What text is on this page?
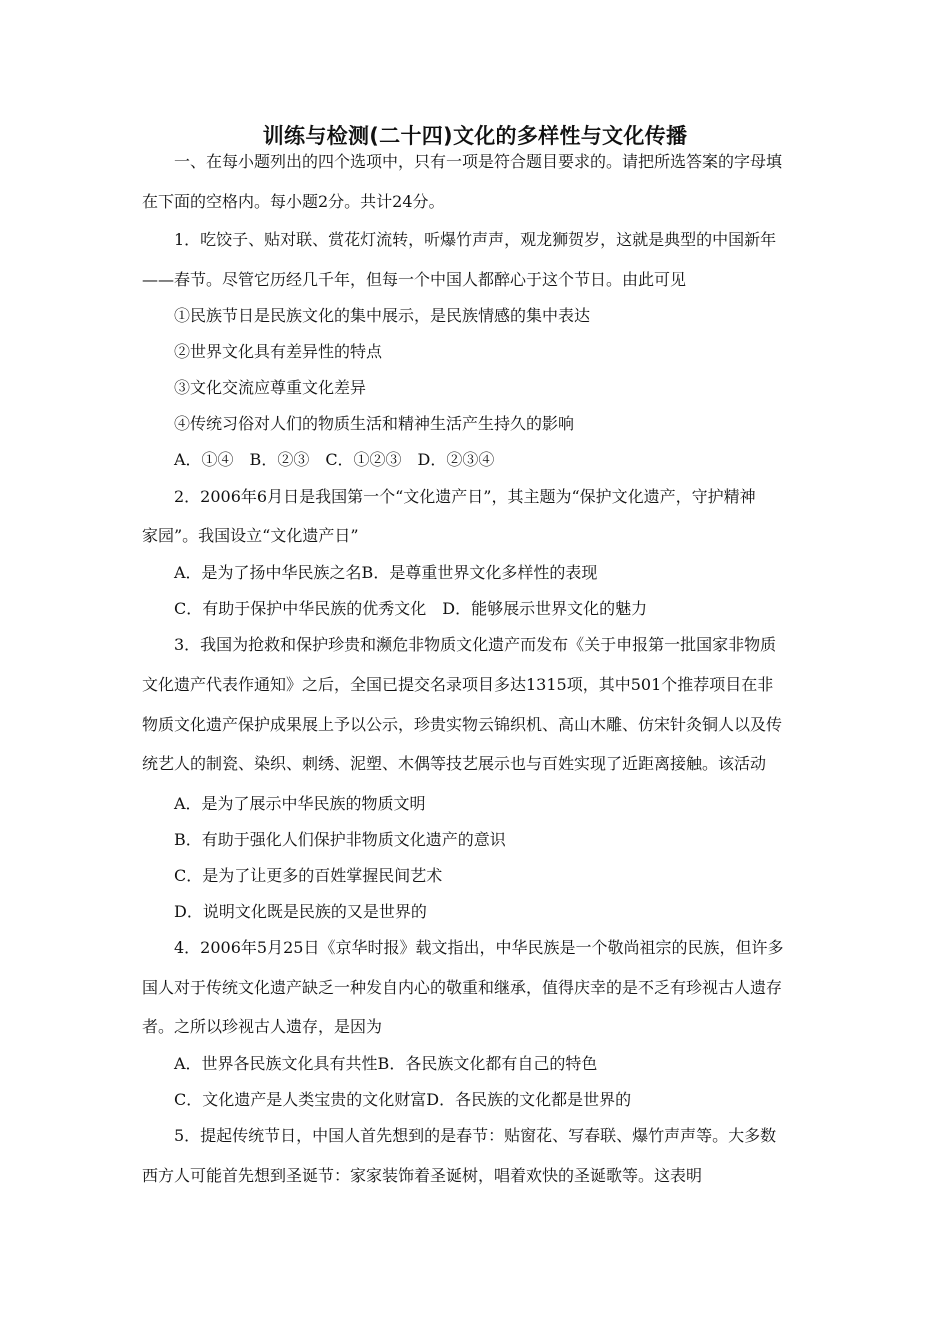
训练与检测(二十四)文化的多样性与文化传播
一、在每小题列出的四个选项中，只有一项是符合题目要求的。请把所选答案的字母填
在下面的空格内。每小题2分。共计24分。
1．吃饺子、贴对联、赏花灯流转，听爆竹声声，观龙狮贺岁，这就是典型的中国新年
——春节。尽管它历经几千年，但每一个中国人都醉心于这个节日。由此可见
①民族节日是民族文化的集中展示，是民族情感的集中表达
②世界文化具有差异性的特点
③文化交流应尊重文化差异
④传统习俗对人们的物质生活和精神生活产生持久的影响
A．①④　B．②③　C．①②③　D．②③④
2．2006年6月日是我国第一个“文化遗产日”，其主题为“保护文化遗产，守护精神
家园”。我国设立“文化遗产日”
A．是为了扬中华民族之名B．是尊重世界文化多样性的表现
C．有助于保护中华民族的优秀文化　D．能够展示世界文化的魅力
3．我国为抢救和保护珍贵和濒危非物质文化遗产而发布《关于申报第一批国家非物质
文化遗产代表作通知》之后，全国已提交名录项目多达1315项，其中501个推荐项目在非
物质文化遗产保护成果展上予以公示，珍贵实物云锦织机、高山木雕、仿宋针灸铜人以及传
统艺人的制瓷、染织、刺绣、泥塑、木偶等技艺展示也与百姓实现了近距离接触。该活动
A．是为了展示中华民族的物质文明
B．有助于强化人们保护非物质文化遗产的意识
C．是为了让更多的百姓掌握民间艺术
D．说明文化既是民族的又是世界的
4．2006年5月25日《京华时报》载文指出，中华民族是一个敬尚祖宗的民族，但许多
国人对于传统文化遗产缺乏一种发自内心的敬重和继承，值得庆幸的是不乏有珍视古人遗存
者。之所以珍视古人遗存，是因为
A．世界各民族文化具有共性B．各民族文化都有自己的特色
C．文化遗产是人类宝贵的文化财富D．各民族的文化都是世界的
5．提起传统节日，中国人首先想到的是春节：贴窗花、写春联、爆竹声声等。大多数
西方人可能首先想到圣诞节：家家装饰着圣诞树，唱着欢快的圣诞歌等。这表明
